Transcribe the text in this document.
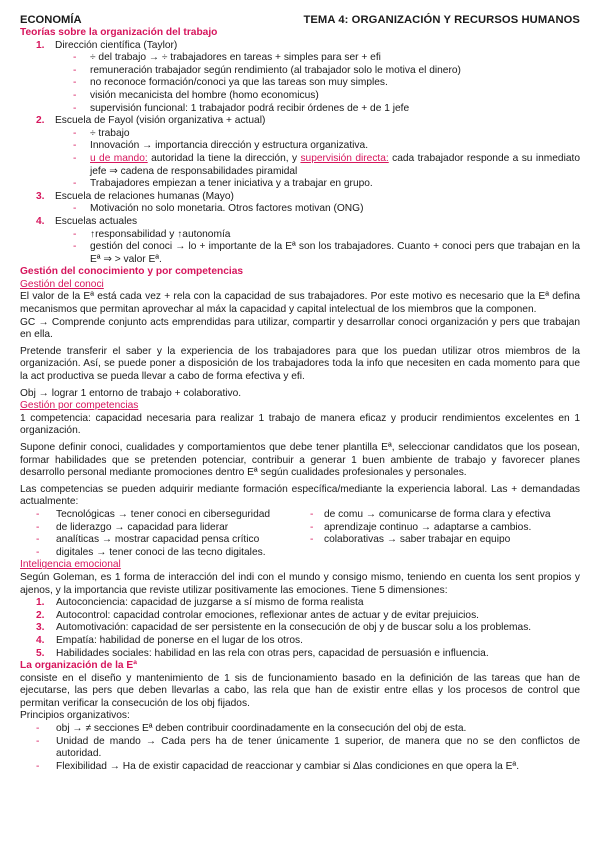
ECONOMÍA	TEMA 4: ORGANIZACIÓN Y RECURSOS HUMANOS
Teorías sobre la organización del trabajo
1. Dirección científica (Taylor)
- ÷ del trabajo → ÷ trabajadores en tareas + simples para ser + efi
- remuneración trabajador según rendimiento (al trabajador solo le motiva el dinero)
- no reconoce formación/conoci ya que las tareas son muy simples.
- visión mecanicista del hombre (homo economicus)
- supervisión funcional: 1 trabajador podrá recibir órdenes de + de 1 jefe
2. Escuela de Fayol (visión organizativa + actual)
- ÷ trabajo
- Innovación → importancia dirección y estructura organizativa.
- u de mando: autoridad la tiene la dirección, y supervisión directa: cada trabajador responde a su inmediato jefe ⇒ cadena de responsabilidades piramidal
- Trabajadores empiezan a tener iniciativa y a trabajar en grupo.
3. Escuela de relaciones humanas (Mayo)
- Motivación no solo monetaria. Otros factores motivan (ONG)
4. Escuelas actuales
- ↑responsabilidad y ↑autonomía
- gestión del conoci → lo + importante de la Eª son los trabajadores. Cuanto + conoci pers que trabajan en la Eª ⇒ > valor Eª.
Gestión del conocimiento y por competencias
Gestión del conoci

El valor de la Eª está cada vez + rela con la capacidad de sus trabajadores. Por este motivo es necesario que la Eª defina mecanismos que permitan aprovechar al máx la capacidad y capital intelectual de los miembros que la componen.

GC → Comprende conjunto acts emprendidas para utilizar, compartir y desarrollar conoci organización y pers que trabajan en ella.

Pretende transferir el saber y la experiencia de los trabajadores para que los puedan utilizar otros miembros de la organización. Así, se puede poner a disposición de los trabajadores toda la info que necesiten en cada momento para que la act productiva se pueda llevar a cabo de forma efectiva y efi.

Obj → lograr 1 entorno de trabajo + colaborativo.

Gestión por competencias

1 competencia: capacidad necesaria para realizar 1 trabajo de manera eficaz y producir rendimientos excelentes en 1 organización.

Supone definir conoci, cualidades y comportamientos que debe tener plantilla Eª, seleccionar candidatos que los posean, formar habilidades que se pretenden potenciar, contribuir a generar 1 buen ambiente de trabajo y favorecer planes desarrollo personal mediante promociones dentro Eª según cualidades profesionales y personales.

Las competencias se pueden adquirir mediante formación específica/mediante la experiencia laboral. Las + demandadas actualmente:

- Tecnológicas → tener conoci en ciberseguridad
- de liderazgo → capacidad para liderar
- analíticas → mostrar capacidad pensa crítico
- digitales → tener conoci de las tecno digitales.
- de comu → comunicarse de forma clara y efectiva
- aprendizaje continuo → adaptarse a cambios.
- colaborativas → saber trabajar en equipo
Inteligencia emocional

Según Goleman, es 1 forma de interacción del indi con el mundo y consigo mismo, teniendo en cuenta los sent propios y ajenos, y la importancia que reviste utilizar positivamente las emociones. Tiene 5 dimensiones:

1. Autoconciencia: capacidad de juzgarse a sí mismo de forma realista
2. Autocontrol: capacidad controlar emociones, reflexionar antes de actuar y de evitar prejuicios.
3. Automotivación: capacidad de ser persistente en la consecución de obj y de buscar solu a los problemas.
4. Empatía: habilidad de ponerse en el lugar de los otros.
5. Habilidades sociales: habilidad en las rela con otras pers, capacidad de persuasión e influencia.
La organización de la Eª

consiste en el diseño y mantenimiento de 1 sis de funcionamiento basado en la definición de las tareas que han de ejecutarse, las pers que deben llevarlas a cabo, las rela que han de existir entre ellas y los procesos de control que permitan verificar la consecución de los obj fijados.

Principios organizativos:

- obj → ≠ secciones Eª deben contribuir coordinadamente en la consecución del obj de esta.
- Unidad de mando → Cada pers ha de tener únicamente 1 superior, de manera que no se den conflictos de autoridad.
- Flexibilidad → Ha de existir capacidad de reaccionar y cambiar si ∆las condiciones en que opera la Eª.
